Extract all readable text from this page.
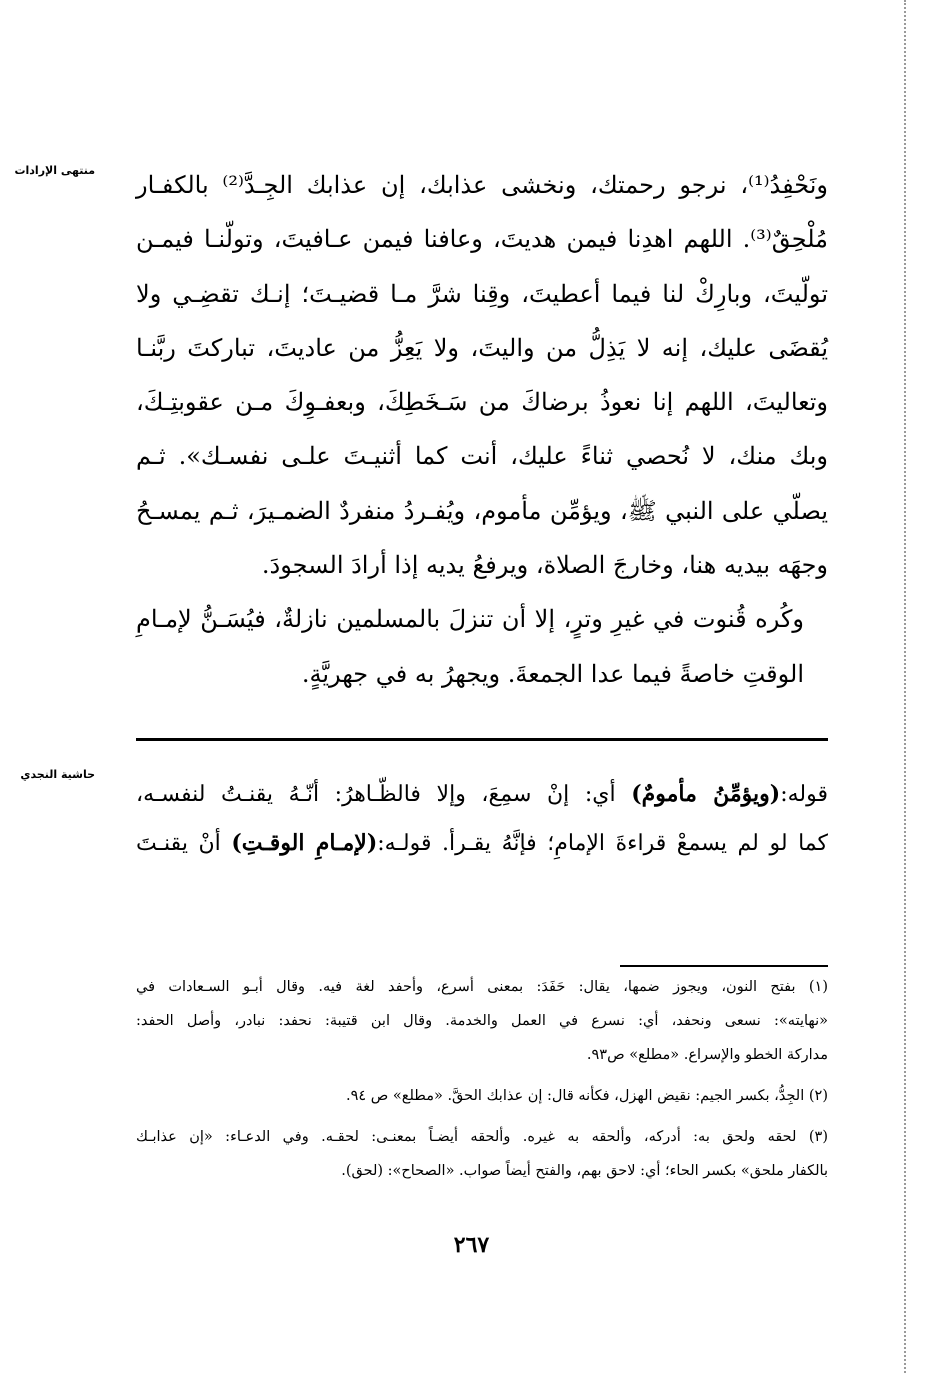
منتهى الإرادات
حاشية النجدي

ونَحْفِدُ⁽¹⁾، نرجو رحمتك، ونخشى عذابك، إن عذابك الجِـدَّ⁽²⁾ بالكفـار
مُلْحِقٌ⁽³⁾. اللهم اهدِنا فيمن هديتَ، وعافنا فيمن عـافيتَ، وتولّنـا فيمـن
تولّيتَ، وبارِكْ لنا فيما أعطيتَ، وقِنا شرَّ مـا قضيـتَ؛ إنـك تقضِـي ولا
يُقضَى عليك، إنه لا يَذِلُّ من واليتَ، ولا يَعِزُّ من عاديتَ، تباركتَ ربَّنـا
وتعاليتَ، اللهم إنا نعوذُ برضاكَ من سَـخَطِكَ، وبعفـوِكَ مـن عقوبتِـكَ،
وبك منك، لا نُحصي ثناءً عليك، أنت كما أثنيـتَ علـى نفسـك». ثـم
يصلّي على النبي ﷺ، ويؤمِّن مأموم، ويُفـردُ منفردٌ الضمـيرَ، ثـم يمسـحُ
وجهَه بيديه هنا، وخارجَ الصلاة، ويرفعُ يديه إذا أرادَ السجودَ.

وكُره قُنوت في غيرِ وترٍ، إلا أن تنزلَ بالمسلمين نازلةٌ، فيُسَـنُّ لإمـامِ
الوقتِ خاصةً فيما عدا الجمعةَ. ويجهرُ به في جهريَّةٍ.

قوله:(ويؤمِّنُ مأمومٌ) أي: إنْ سمِعَ، وإلا فالظّـاهرُ: أنّـهُ يقنـتُ لنفسـه،
كما لو لم يسمعْ قراءةَ الإمامِ؛ فإنَّهُ يقـرأ. قولـه:(لإمـامِ الوقـتِ) أنْ يقنـتَ
(١) بفتح النون، ويجوز ضمها، يقال: حَفَدَ: بمعنى أسرع، وأحفد لغة فيه. وقال أبـو السـعادات في
«نهايته»: نسعى ونحفد، أي: نسرع في العمل والخدمة. وقال ابن قتيبة: نحفد: نبادر، وأصل الحفد:
مداركة الخطو والإسراع. «مطلع» ص٩٣.
(٢) الجِدُّ، بكسر الجيم: نقيض الهزل، فكأنه قال: إن عذابك الحقَّ. «مطلع» ص ٩٤.
(٣) لحقه ولحق به: أدركه، وألحقه به غيره. وألحقه أيضـاً بمعنـى: لحقـه. وفي الدعـاء: «إن عذابـك
بالكفار ملحق» بكسر الحاء؛ أي: لاحق بهم، والفتح أيضاً صواب. «الصحاح»: (لحق).
٢٦٧
